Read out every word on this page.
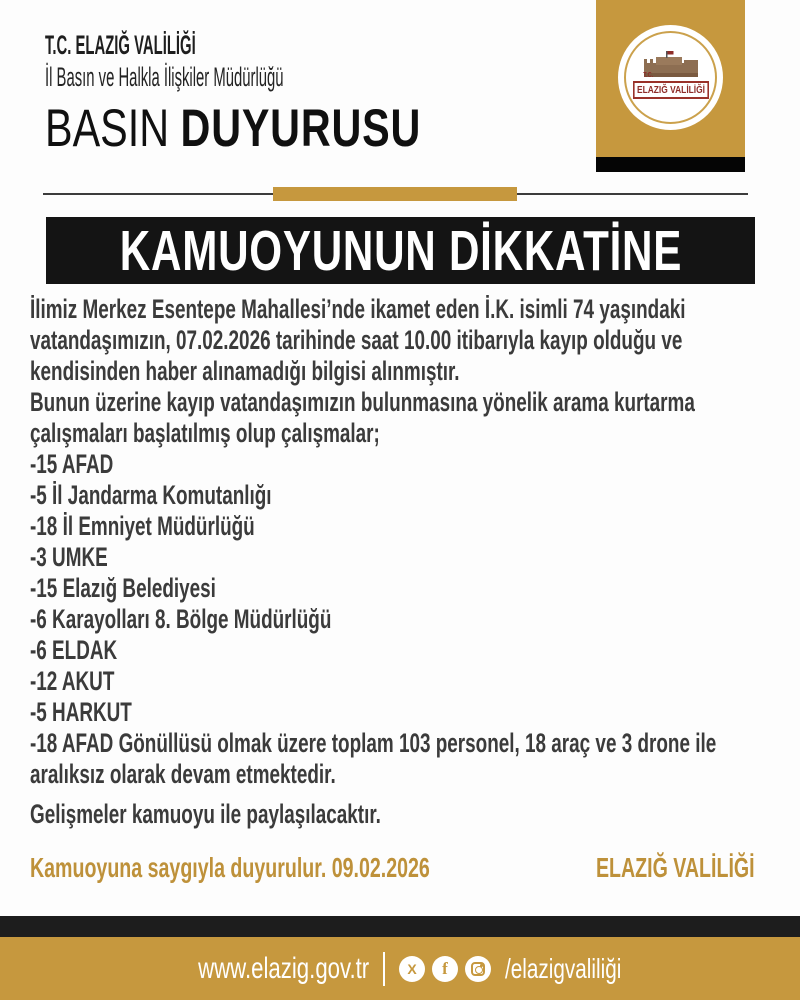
T.C. ELAZIĞ VALİLİĞİ
İl Basın ve Halkla İlişkiler Müdürlüğü
BASIN DUYURUSU
T.C.
ELAZIĞ VALİLİĞİ
KAMUOYUNUN DİKKATİNE
İlimiz Merkez Esentepe Mahallesi’nde ikamet eden İ.K. isimli 74 yaşındaki
vatandaşımızın, 07.02.2026 tarihinde saat 10.00 itibarıyla kayıp olduğu ve
kendisinden haber alınamadığı bilgisi alınmıştır.
Bunun üzerine kayıp vatandaşımızın bulunmasına yönelik arama kurtarma
çalışmaları başlatılmış olup çalışmalar;
-15 AFAD
-5 İl Jandarma Komutanlığı
-18 İl Emniyet Müdürlüğü
-3 UMKE
-15 Elazığ Belediyesi
-6 Karayolları 8. Bölge Müdürlüğü
-6 ELDAK
-12 AKUT
-5 HARKUT
-18 AFAD Gönüllüsü olmak üzere toplam 103 personel, 18 araç ve 3 drone ile
aralıksız olarak devam etmektedir.
Gelişmeler kamuoyu ile paylaşılacaktır.
Kamuoyuna saygıyla duyurulur. 09.02.2026	ELAZIĞ VALİLİĞİ
www.elazig.gov.tr	X f /elazigvaliliği
